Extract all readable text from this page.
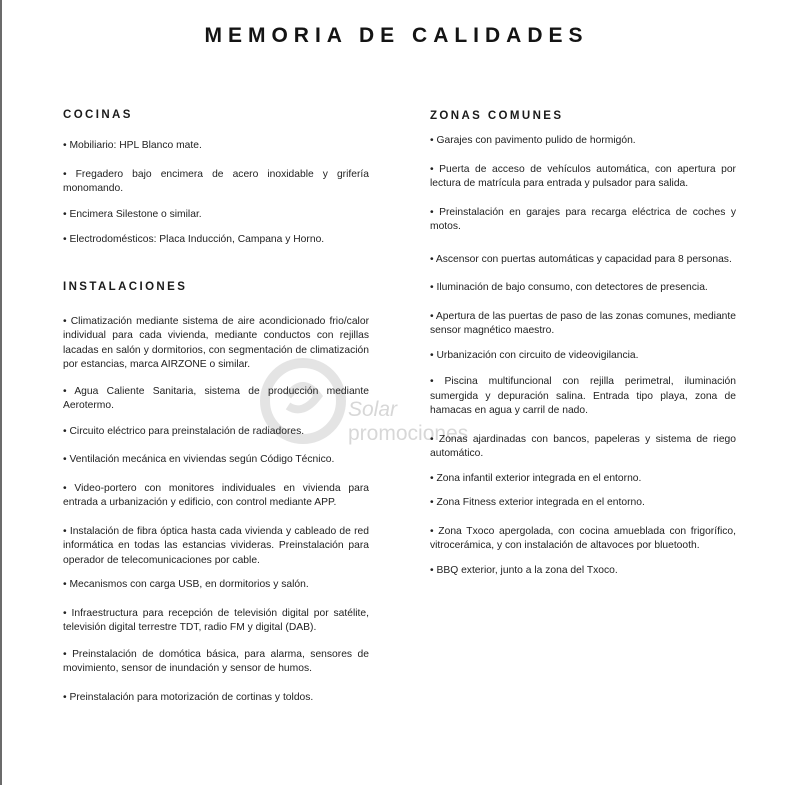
MEMORIA DE CALIDADES
Solar
promociones
COCINAS

• Mobiliario: HPL Blanco mate.

• Fregadero bajo encimera de acero inoxidable y grifería monomando.

• Encimera Silestone o similar.

• Electrodomésticos: Placa Inducción, Campana y Horno.

INSTALACIONES

• Climatización mediante sistema de aire acondicionado frio/calor individual para cada vivienda, mediante conductos con rejillas lacadas en salón y dormitorios, con segmentación de climatización por estancias, marca AIRZONE o similar.

• Agua Caliente Sanitaria, sistema de producción mediante Aerotermo.

• Circuito eléctrico para preinstalación de radiadores.

• Ventilación mecánica en viviendas según Código Técnico.

• Video-portero con monitores individuales en vivienda para entrada a urbanización y edificio, con control mediante APP.

• Instalación de fibra óptica hasta cada vivienda y cableado de red informática en todas las estancias vivideras. Preinstalación para operador de telecomunicaciones por cable.

• Mecanismos con carga USB, en dormitorios y salón.

• Infraestructura para recepción de televisión digital por satélite, televisión digital terrestre TDT, radio FM y digital (DAB).

• Preinstalación de domótica básica, para alarma, sensores de movimiento, sensor de inundación y sensor de humos.

• Preinstalación para motorización de cortinas y toldos.

ZONAS COMUNES

• Garajes con pavimento pulido de hormigón.

• Puerta de acceso de vehículos automática, con apertura por lectura de matrícula para entrada y pulsador para salida.

• Preinstalación en garajes para recarga eléctrica de coches y motos.

• Ascensor con puertas automáticas y capacidad para 8 personas.

• Iluminación de bajo consumo, con detectores de presencia.

• Apertura de las puertas de paso de las zonas comunes, mediante sensor magnético maestro.

• Urbanización con circuito de videovigilancia.

• Piscina multifuncional con rejilla perimetral, iluminación sumergida y depuración salina. Entrada tipo playa, zona de hamacas en agua y carril de nado.

• Zonas ajardinadas con bancos, papeleras y sistema de riego automático.

• Zona infantil exterior integrada en el entorno.

• Zona Fitness exterior integrada en el entorno.

• Zona Txoco apergolada, con cocina amueblada con frigorífico, vitrocerámica, y con instalación de altavoces por bluetooth.

• BBQ exterior, junto a la zona del Txoco.
